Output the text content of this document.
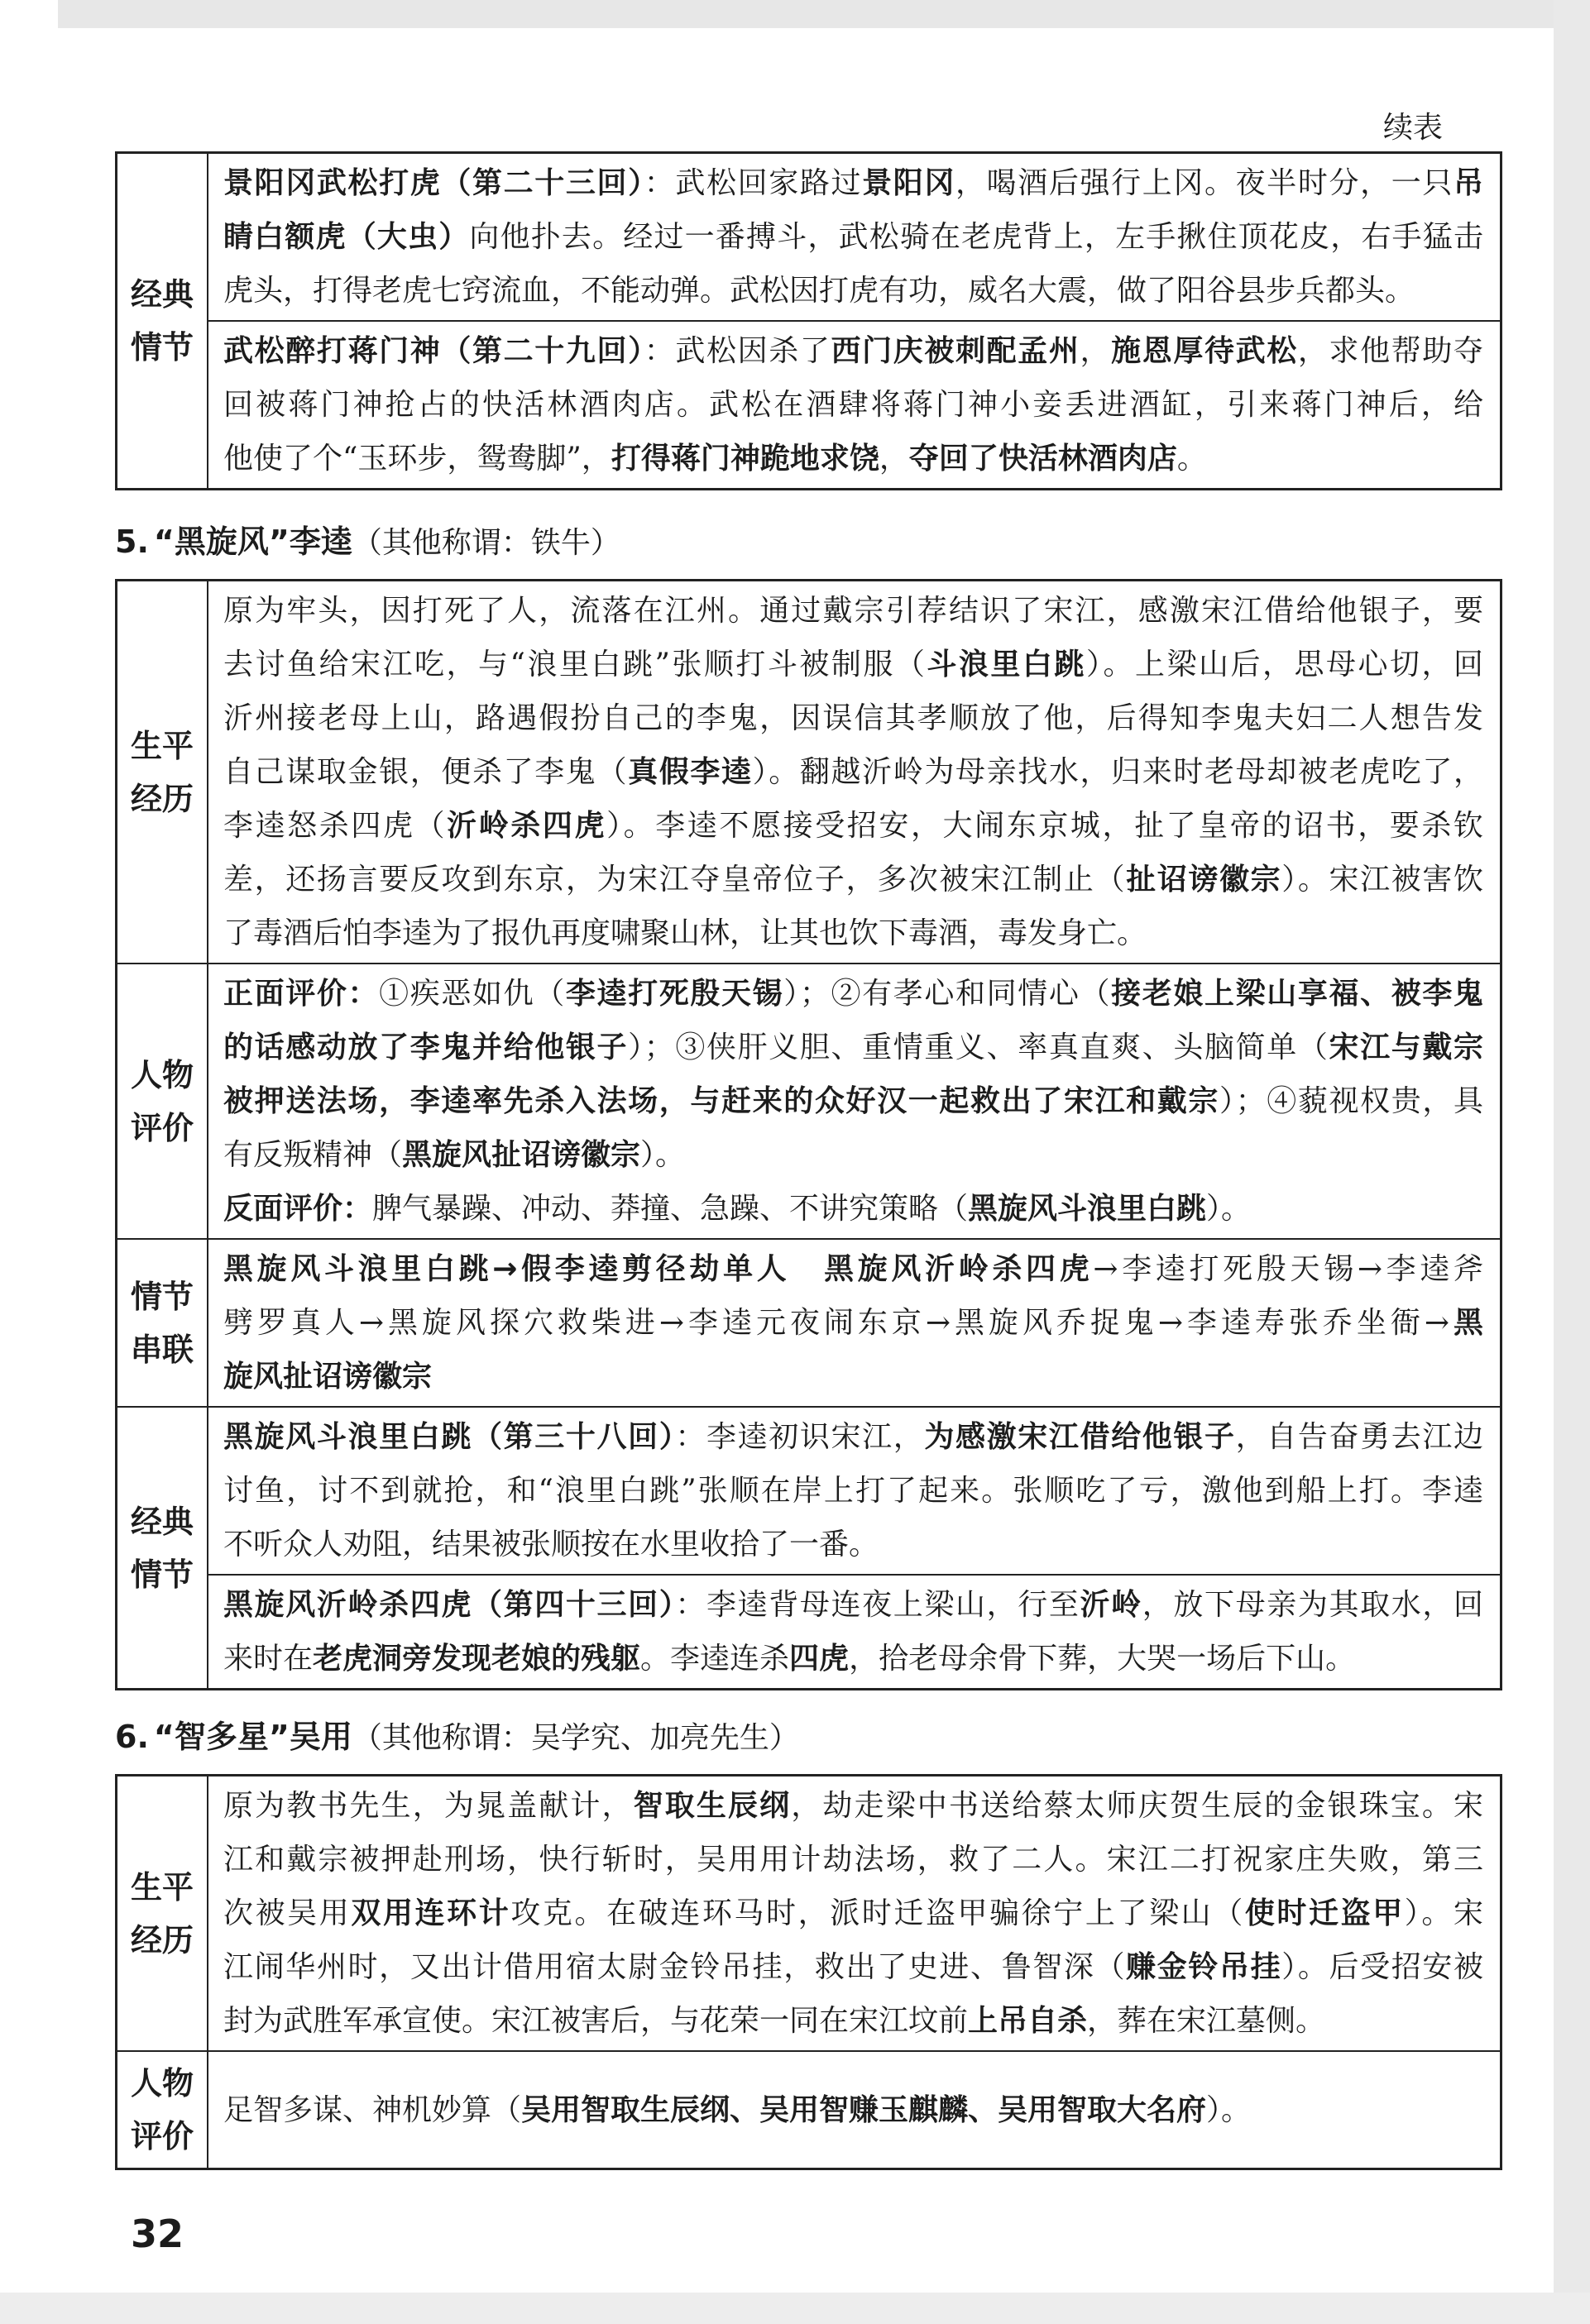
续表
经典
情节
景阳冈武松打虎（第二十三回）：武松回家路过景阳冈，喝酒后强行上冈。夜半时分，一只吊
睛白额虎（大虫）向他扑去。经过一番搏斗，武松骑在老虎背上，左手揪住顶花皮，右手猛击
虎头，打得老虎七窍流血，不能动弹。武松因打虎有功，威名大震，做了阳谷县步兵都头。
武松醉打蒋门神（第二十九回）：武松因杀了西门庆被刺配孟州，施恩厚待武松，求他帮助夺
回被蒋门神抢占的快活林酒肉店。武松在酒肆将蒋门神小妾丢进酒缸，引来蒋门神后，给
他使了个“玉环步，鸳鸯脚”，打得蒋门神跪地求饶，夺回了快活林酒肉店。
5. “黑旋风”李逵（其他称谓：铁牛）
生平
经历
原为牢头，因打死了人，流落在江州。通过戴宗引荐结识了宋江，感激宋江借给他银子，要
去讨鱼给宋江吃，与“浪里白跳”张顺打斗被制服（斗浪里白跳）。上梁山后，思母心切，回
沂州接老母上山，路遇假扮自己的李鬼，因误信其孝顺放了他，后得知李鬼夫妇二人想告发
自己谋取金银，便杀了李鬼（真假李逵）。翻越沂岭为母亲找水，归来时老母却被老虎吃了，
李逵怒杀四虎（沂岭杀四虎）。李逵不愿接受招安，大闹东京城，扯了皇帝的诏书，要杀钦
差，还扬言要反攻到东京，为宋江夺皇帝位子，多次被宋江制止（扯诏谤徽宗）。宋江被害饮
了毒酒后怕李逵为了报仇再度啸聚山林，让其也饮下毒酒，毒发身亡。
人物
评价
正面评价：①疾恶如仇（李逵打死殷天锡）；②有孝心和同情心（接老娘上梁山享福、被李鬼
的话感动放了李鬼并给他银子）；③侠肝义胆、重情重义、率真直爽、头脑简单（宋江与戴宗
被押送法场，李逵率先杀入法场，与赶来的众好汉一起救出了宋江和戴宗）；④藐视权贵，具
有反叛精神（黑旋风扯诏谤徽宗）。
反面评价：脾气暴躁、冲动、莽撞、急躁、不讲究策略（黑旋风斗浪里白跳）。
情节
串联
黑旋风斗浪里白跳→假李逵剪径劫单人　黑旋风沂岭杀四虎→李逵打死殷天锡→李逵斧
劈罗真人→黑旋风探穴救柴进→李逵元夜闹东京→黑旋风乔捉鬼→李逵寿张乔坐衙→黑
旋风扯诏谤徽宗
经典
情节
黑旋风斗浪里白跳（第三十八回）：李逵初识宋江，为感激宋江借给他银子，自告奋勇去江边
讨鱼，讨不到就抢，和“浪里白跳”张顺在岸上打了起来。张顺吃了亏，激他到船上打。李逵
不听众人劝阻，结果被张顺按在水里收拾了一番。
黑旋风沂岭杀四虎（第四十三回）：李逵背母连夜上梁山，行至沂岭，放下母亲为其取水，回
来时在老虎洞旁发现老娘的残躯。李逵连杀四虎，拾老母余骨下葬，大哭一场后下山。
6. “智多星”吴用（其他称谓：吴学究、加亮先生）
生平
经历
原为教书先生，为晁盖献计，智取生辰纲，劫走梁中书送给蔡太师庆贺生辰的金银珠宝。宋
江和戴宗被押赴刑场，快行斩时，吴用用计劫法场，救了二人。宋江二打祝家庄失败，第三
次被吴用双用连环计攻克。在破连环马时，派时迁盗甲骗徐宁上了梁山（使时迁盗甲）。宋
江闹华州时，又出计借用宿太尉金铃吊挂，救出了史进、鲁智深（赚金铃吊挂）。后受招安被
封为武胜军承宣使。宋江被害后，与花荣一同在宋江坟前上吊自杀，葬在宋江墓侧。
人物
评价
足智多谋、神机妙算（吴用智取生辰纲、吴用智赚玉麒麟、吴用智取大名府）。
32
